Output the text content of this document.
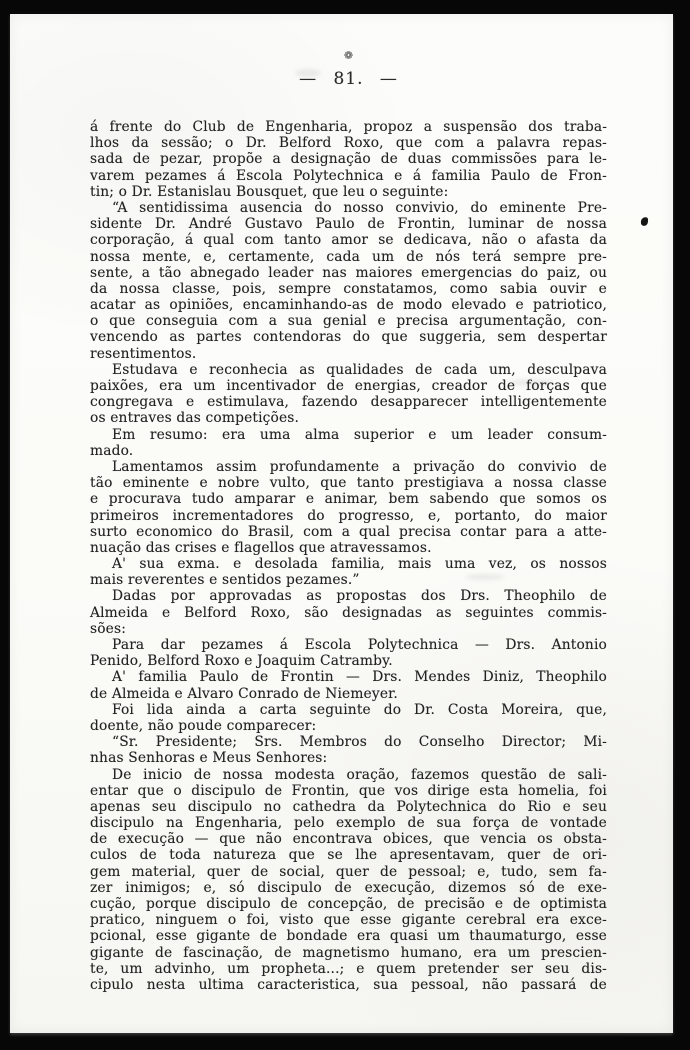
❁
— 81. —
á frente do Club de Engenharia, propoz a suspensão dos traba-
lhos da sessão; o Dr. Belford Roxo, que com a palavra repas-
sada de pezar, propõe a designação de duas commissões para le-
varem pezames á Escola Polytechnica e á familia Paulo de Fron-
tin; o Dr. Estanislau Bousquet, que leu o seguinte:
“A sentidissima ausencia do nosso convivio, do eminente Pre-
sidente Dr. André Gustavo Paulo de Frontin, luminar de nossa
corporação, á qual com tanto amor se dedicava, não o afasta da
nossa mente, e, certamente, cada um de nós terá sempre pre-
sente, a tão abnegado leader nas maiores emergencias do paiz, ou
da nossa classe, pois, sempre constatamos, como sabia ouvir e
acatar as opiniões, encaminhando-as de modo elevado e patriotico,
o que conseguia com a sua genial e precisa argumentação, con-
vencendo as partes contendoras do que suggeria, sem despertar
resentimentos.
Estudava e reconhecia as qualidades de cada um, desculpava
paixões, era um incentivador de energias, creador de forças que
congregava e estimulava, fazendo desapparecer intelligentemente
os entraves das competições.
Em resumo: era uma alma superior e um leader consum-
mado.
Lamentamos assim profundamente a privação do convivio de
tão eminente e nobre vulto, que tanto prestigiava a nossa classe
e procurava tudo amparar e animar, bem sabendo que somos os
primeiros incrementadores do progresso, e, portanto, do maior
surto economico do Brasil, com a qual precisa contar para a atte-
nuação das crises e flagellos que atravessamos.
A' sua exma. e desolada familia, mais uma vez, os nossos
mais reverentes e sentidos pezames.”
Dadas por approvadas as propostas dos Drs. Theophilo de
Almeida e Belford Roxo, são designadas as seguintes commis-
sões:
Para dar pezames á Escola Polytechnica — Drs. Antonio
Penido, Belford Roxo e Joaquim Catramby.
A' familia Paulo de Frontin — Drs. Mendes Diniz, Theophilo
de Almeida e Alvaro Conrado de Niemeyer.
Foi lida ainda a carta seguinte do Dr. Costa Moreira, que,
doente, não poude comparecer:
“Sr. Presidente; Srs. Membros do Conselho Director; Mi-
nhas Senhoras e Meus Senhores:
De inicio de nossa modesta oração, fazemos questão de sali-
entar que o discipulo de Frontin, que vos dirige esta homelia, foi
apenas seu discipulo no cathedra da Polytechnica do Rio e seu
discipulo na Engenharia, pelo exemplo de sua força de vontade
de execução — que não encontrava obices, que vencia os obsta-
culos de toda natureza que se lhe apresentavam, quer de ori-
gem material, quer de social, quer de pessoal; e, tudo, sem fa-
zer inimigos; e, só discipulo de execução, dizemos só de exe-
cução, porque discipulo de concepção, de precisão e de optimista
pratico, ninguem o foi, visto que esse gigante cerebral era exce-
pcional, esse gigante de bondade era quasi um thaumaturgo, esse
gigante de fascinação, de magnetismo humano, era um prescien-
te, um advinho, um propheta...; e quem pretender ser seu dis-
cipulo nesta ultima caracteristica, sua pessoal, não passará de
